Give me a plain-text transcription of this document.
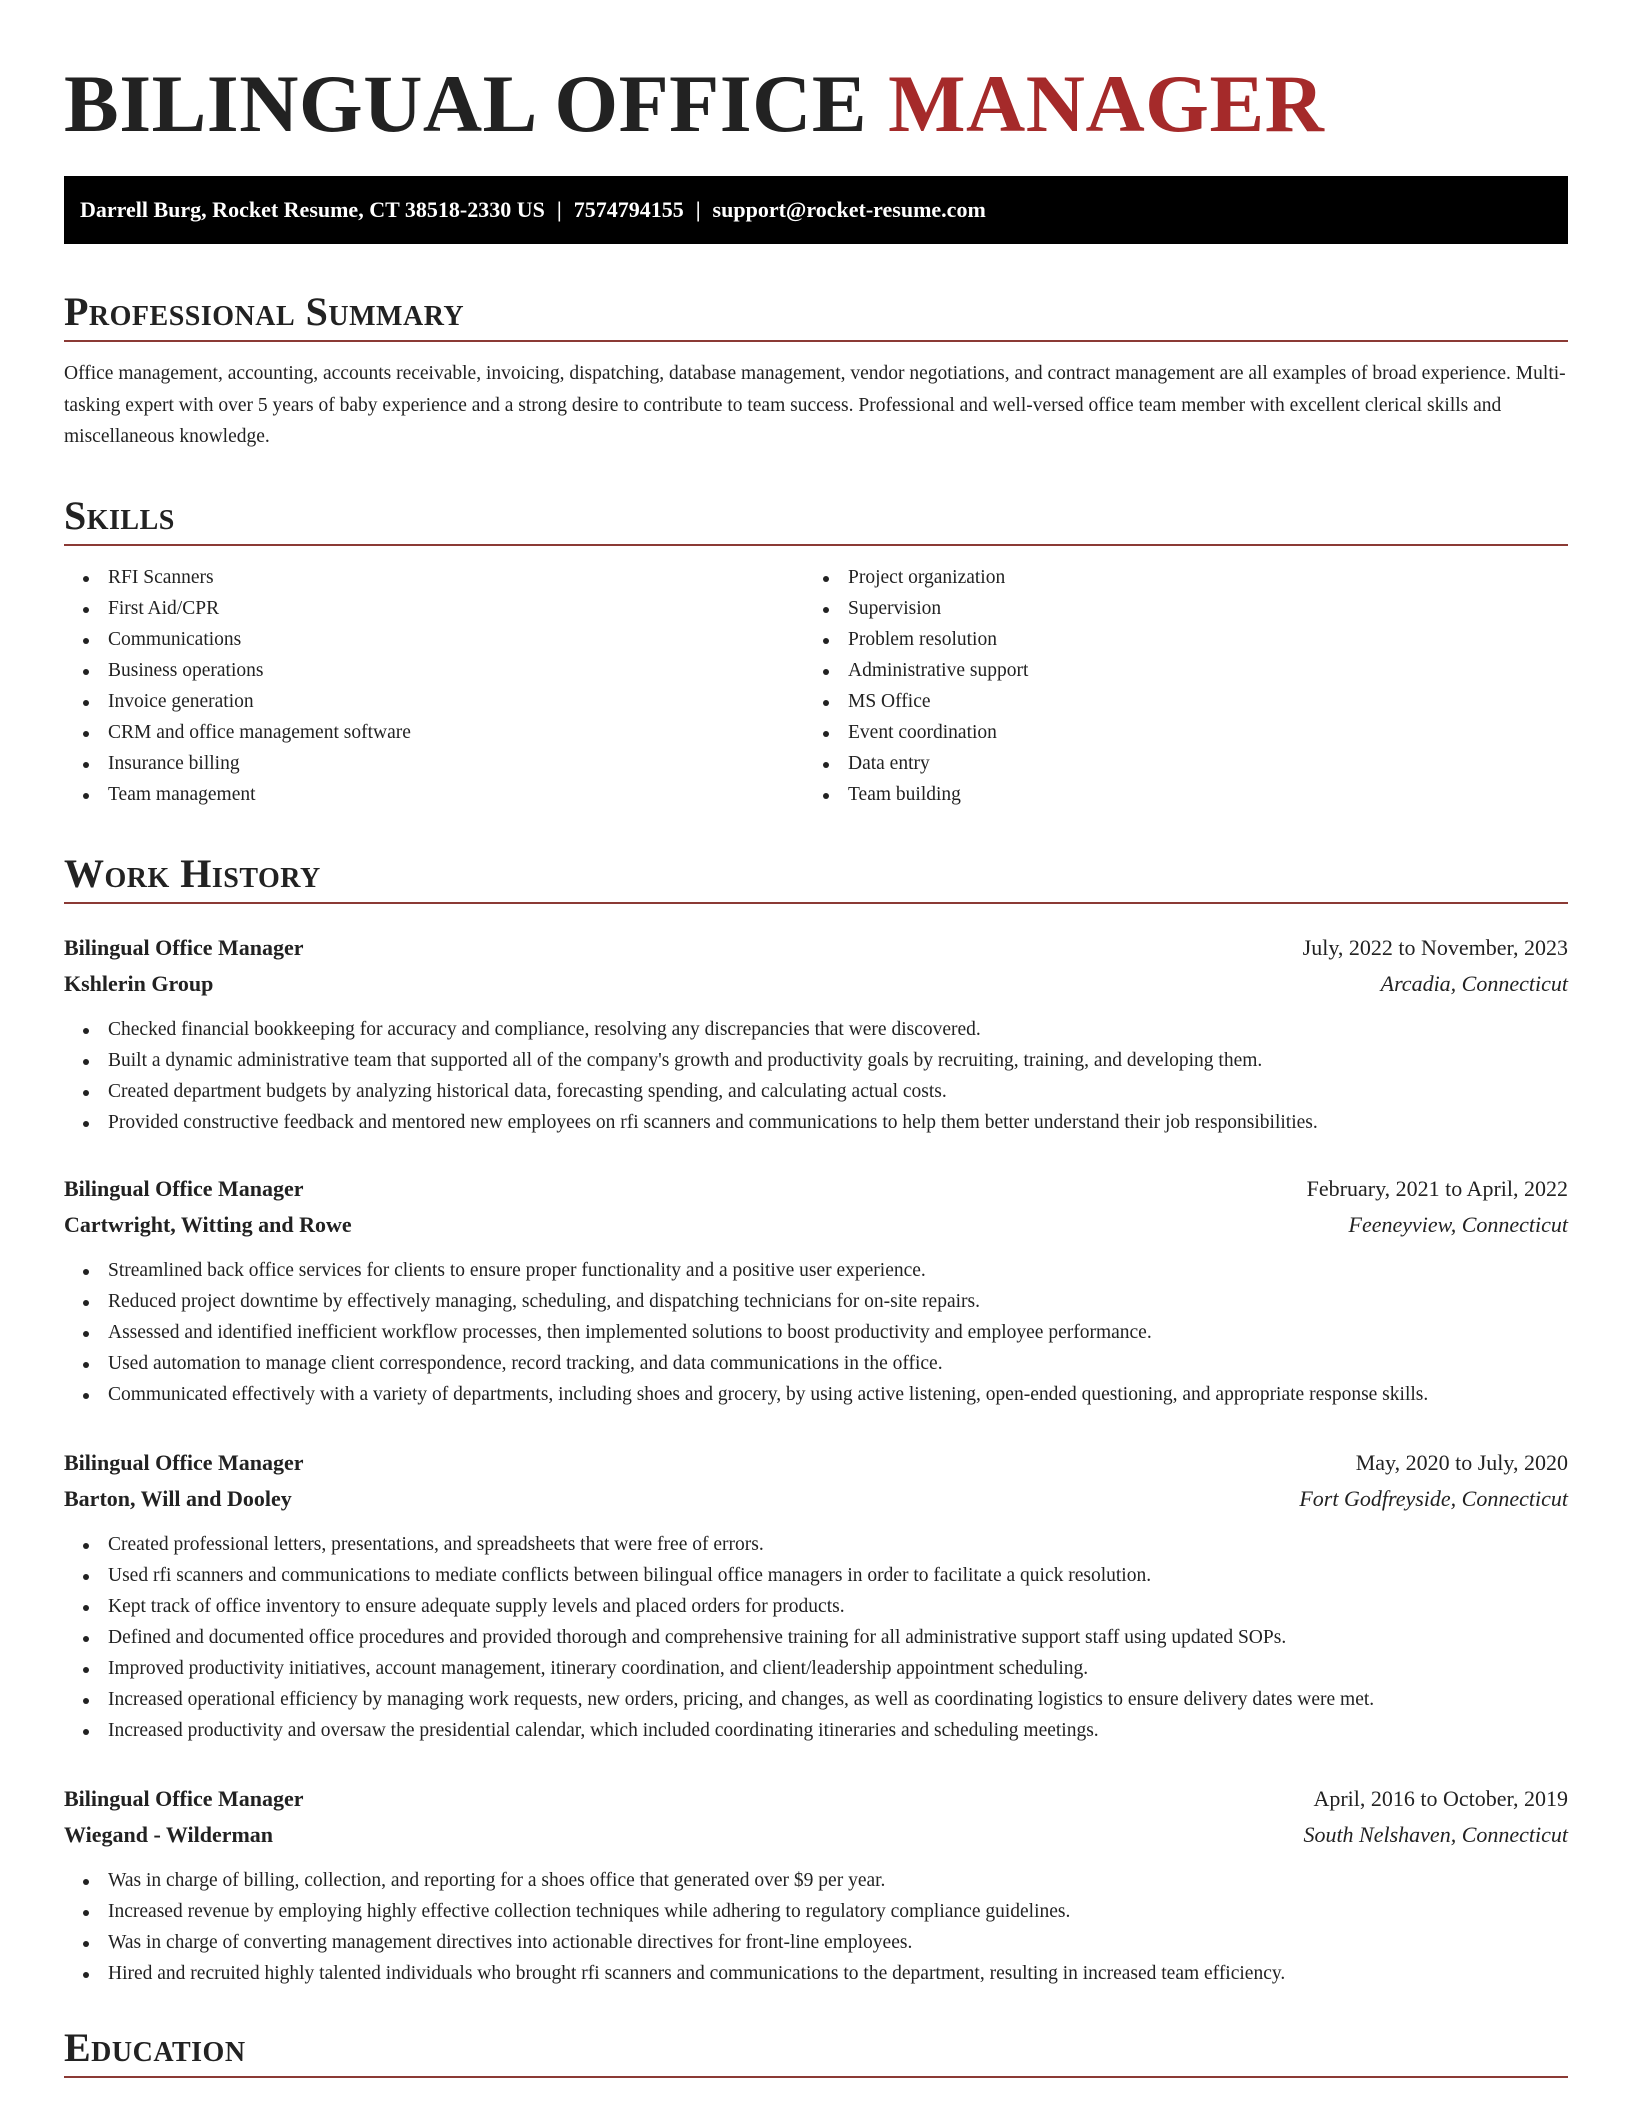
BILINGUAL OFFICE MANAGER
Darrell Burg, Rocket Resume, CT 38518-2330 US | 7574794155 | support@rocket-resume.com
Professional Summary

Office management, accounting, accounts receivable, invoicing, dispatching, database management, vendor negotiations, and contract management are all examples of broad experience. Multi-tasking expert with over 5 years of baby experience and a strong desire to contribute to team success. Professional and well-versed office team member with excellent clerical skills and miscellaneous knowledge.

Skills
RFI Scanners
First Aid/CPR
Communications
Business operations
Invoice generation
CRM and office management software
Insurance billing
Team management
Project organization
Supervision
Problem resolution
Administrative support
MS Office
Event coordination
Data entry
Team building
Work History
Bilingual Office Manager	July, 2022 to November, 2023
Kshlerin Group	Arcadia, Connecticut
Checked financial bookkeeping for accuracy and compliance, resolving any discrepancies that were discovered.
Built a dynamic administrative team that supported all of the company's growth and productivity goals by recruiting, training, and developing them.
Created department budgets by analyzing historical data, forecasting spending, and calculating actual costs.
Provided constructive feedback and mentored new employees on rfi scanners and communications to help them better understand their job responsibilities.
Bilingual Office Manager	February, 2021 to April, 2022
Cartwright, Witting and Rowe	Feeneyview, Connecticut
Streamlined back office services for clients to ensure proper functionality and a positive user experience.
Reduced project downtime by effectively managing, scheduling, and dispatching technicians for on-site repairs.
Assessed and identified inefficient workflow processes, then implemented solutions to boost productivity and employee performance.
Used automation to manage client correspondence, record tracking, and data communications in the office.
Communicated effectively with a variety of departments, including shoes and grocery, by using active listening, open-ended questioning, and appropriate response skills.
Bilingual Office Manager	May, 2020 to July, 2020
Barton, Will and Dooley	Fort Godfreyside, Connecticut
Created professional letters, presentations, and spreadsheets that were free of errors.
Used rfi scanners and communications to mediate conflicts between bilingual office managers in order to facilitate a quick resolution.
Kept track of office inventory to ensure adequate supply levels and placed orders for products.
Defined and documented office procedures and provided thorough and comprehensive training for all administrative support staff using updated SOPs.
Improved productivity initiatives, account management, itinerary coordination, and client/leadership appointment scheduling.
Increased operational efficiency by managing work requests, new orders, pricing, and changes, as well as coordinating logistics to ensure delivery dates were met.
Increased productivity and oversaw the presidential calendar, which included coordinating itineraries and scheduling meetings.
Bilingual Office Manager	April, 2016 to October, 2019
Wiegand - Wilderman	South Nelshaven, Connecticut
Was in charge of billing, collection, and reporting for a shoes office that generated over $9 per year.
Increased revenue by employing highly effective collection techniques while adhering to regulatory compliance guidelines.
Was in charge of converting management directives into actionable directives for front-line employees.
Hired and recruited highly talented individuals who brought rfi scanners and communications to the department, resulting in increased team efficiency.
Education
